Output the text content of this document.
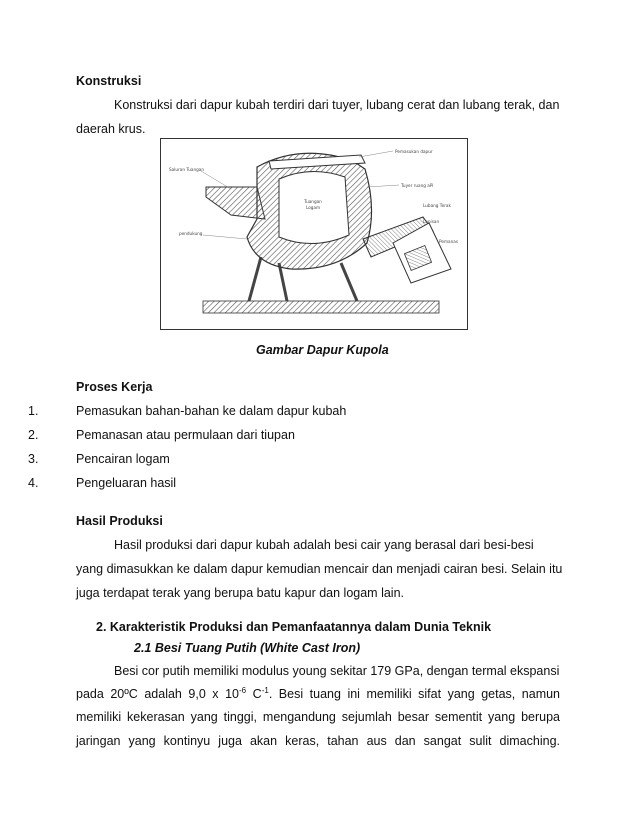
Konstruksi
Konstruksi dari dapur kubah terdiri dari tuyer, lubang cerat dan lubang terak, dan
daerah krus.
Tuangan
Logam
Pemasukan dapur
Saluran Tuangan
Tuyer ruang aPi
Lubang Terak
Lapisan
Pemanas
pendukung
Gambar Dapur Kupola
Proses Kerja
1.	Pemasukan bahan-bahan ke dalam dapur kubah
2.	Pemanasan atau permulaan dari tiupan
3.	Pencairan logam
4.	Pengeluaran hasil
Hasil Produksi
Hasil produksi dari dapur kubah adalah besi cair yang berasal dari besi-besi
yang dimasukkan ke dalam dapur kemudian mencair dan menjadi cairan besi. Selain itu
juga terdapat terak yang berupa batu kapur dan logam lain.
2. Karakteristik Produksi dan Pemanfaatannya dalam Dunia Teknik
2.1 Besi Tuang Putih (White Cast Iron)
Besi cor putih memiliki modulus young sekitar 179 GPa, dengan termal ekspansi
pada 20ºC adalah 9,0 x $10^{-6}$ $C^{-1}$. Besi tuang ini memiliki sifat yang getas, namun
memiliki kekerasan yang tinggi, mengandung sejumlah besar sementit yang berupa
jaringan yang kontinyu juga akan keras, tahan aus dan sangat sulit dimaching.
